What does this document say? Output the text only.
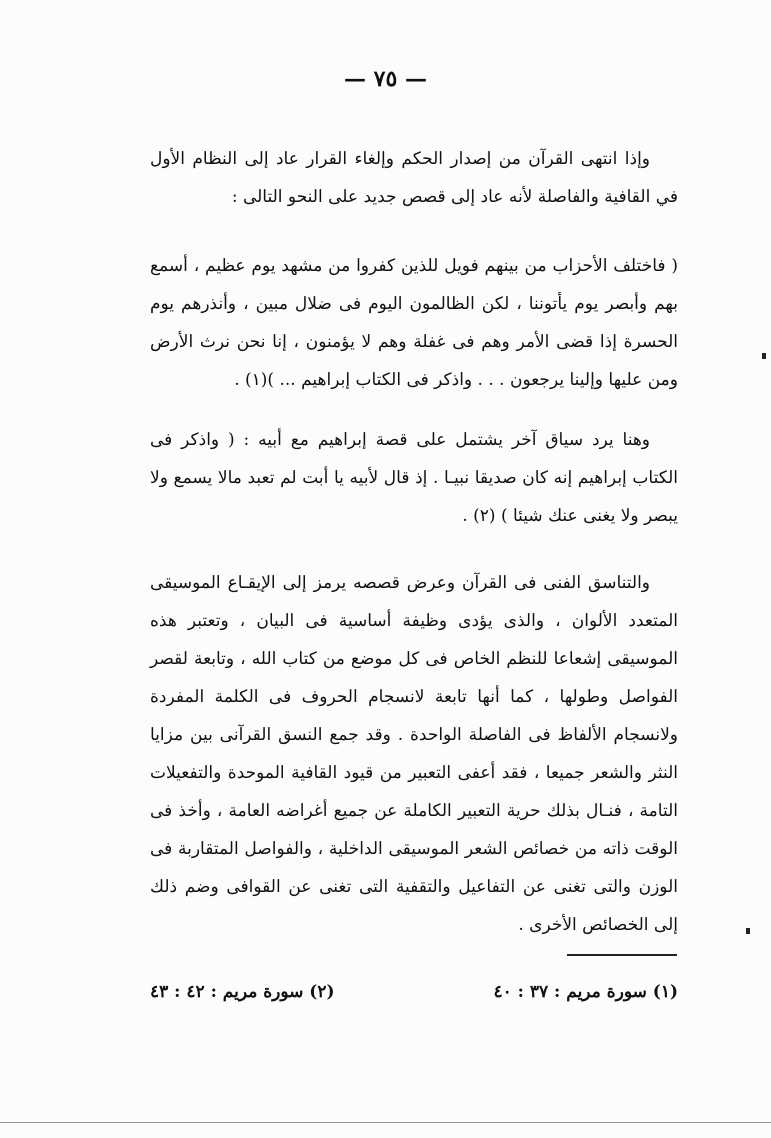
— ٧٥ —
وإذا انتهى القرآن من إصدار الحكم وإلغاء القرار عاد إلى النظام الأول في القافية والفاصلة لأنه عاد إلى قصص جديد على النحو التالى :
( فاختلف الأحزاب من بينهم فويل للذين كفروا من مشهد يوم عظيم ، أسمع بهم وأبصر يوم يأتوننا ، لكن الظالمون اليوم فى ضلال مبين ، وأنذرهم يوم الحسرة إذا قضى الأمر وهم فى غفلة وهم لا يؤمنون ، إنا نحن نرث الأرض ومن عليها وإلينا يرجعون . . . واذكر فى الكتاب إبراهيم ... )(١) .
وهنا يرد سياق آخر يشتمل على قصة إبراهيم مع أبيه : ( واذكر فى الكتاب إبراهيم إنه كان صديقا نبيـا . إذ قال لأبيه يا أبت لم تعبد مالا يسمع ولا يبصر ولا يغنى عنك شيئا ) (٢) .
والتناسق الفنى فى القرآن وعرض قصصه يرمز إلى الإيقـاع الموسيقى المتعدد الألوان ، والذى يؤدى وظيفة أساسية فى البيان ، وتعتبر هذه الموسيقى إشعاعا للنظم الخاص فى كل موضع من كتاب الله ، وتابعة لقصر الفواصل وطولها ، كما أنها تابعة لانسجام الحروف فى الكلمة المفردة ولانسجام الألفاظ فى الفاصلة الواحدة . وقد جمع النسق القرآنى بين مزايا النثر والشعر جميعا ، فقد أعفى التعبير من قيود القافية الموحدة والتفعيلات التامة ، فنـال بذلك حرية التعبير الكاملة عن جميع أغراضه العامة ، وأخذ فى الوقت ذاته من خصائص الشعر الموسيقى الداخلية ، والفواصل المتقاربة فى الوزن والتى تغنى عن التفاعيل والتقفية التى تغنى عن القوافى وضم ذلك إلى الخصائص الأخرى .
(١) سورة مريم : ٣٧ : ٤٠
(٢) سورة مريم : ٤٢ : ٤٣
